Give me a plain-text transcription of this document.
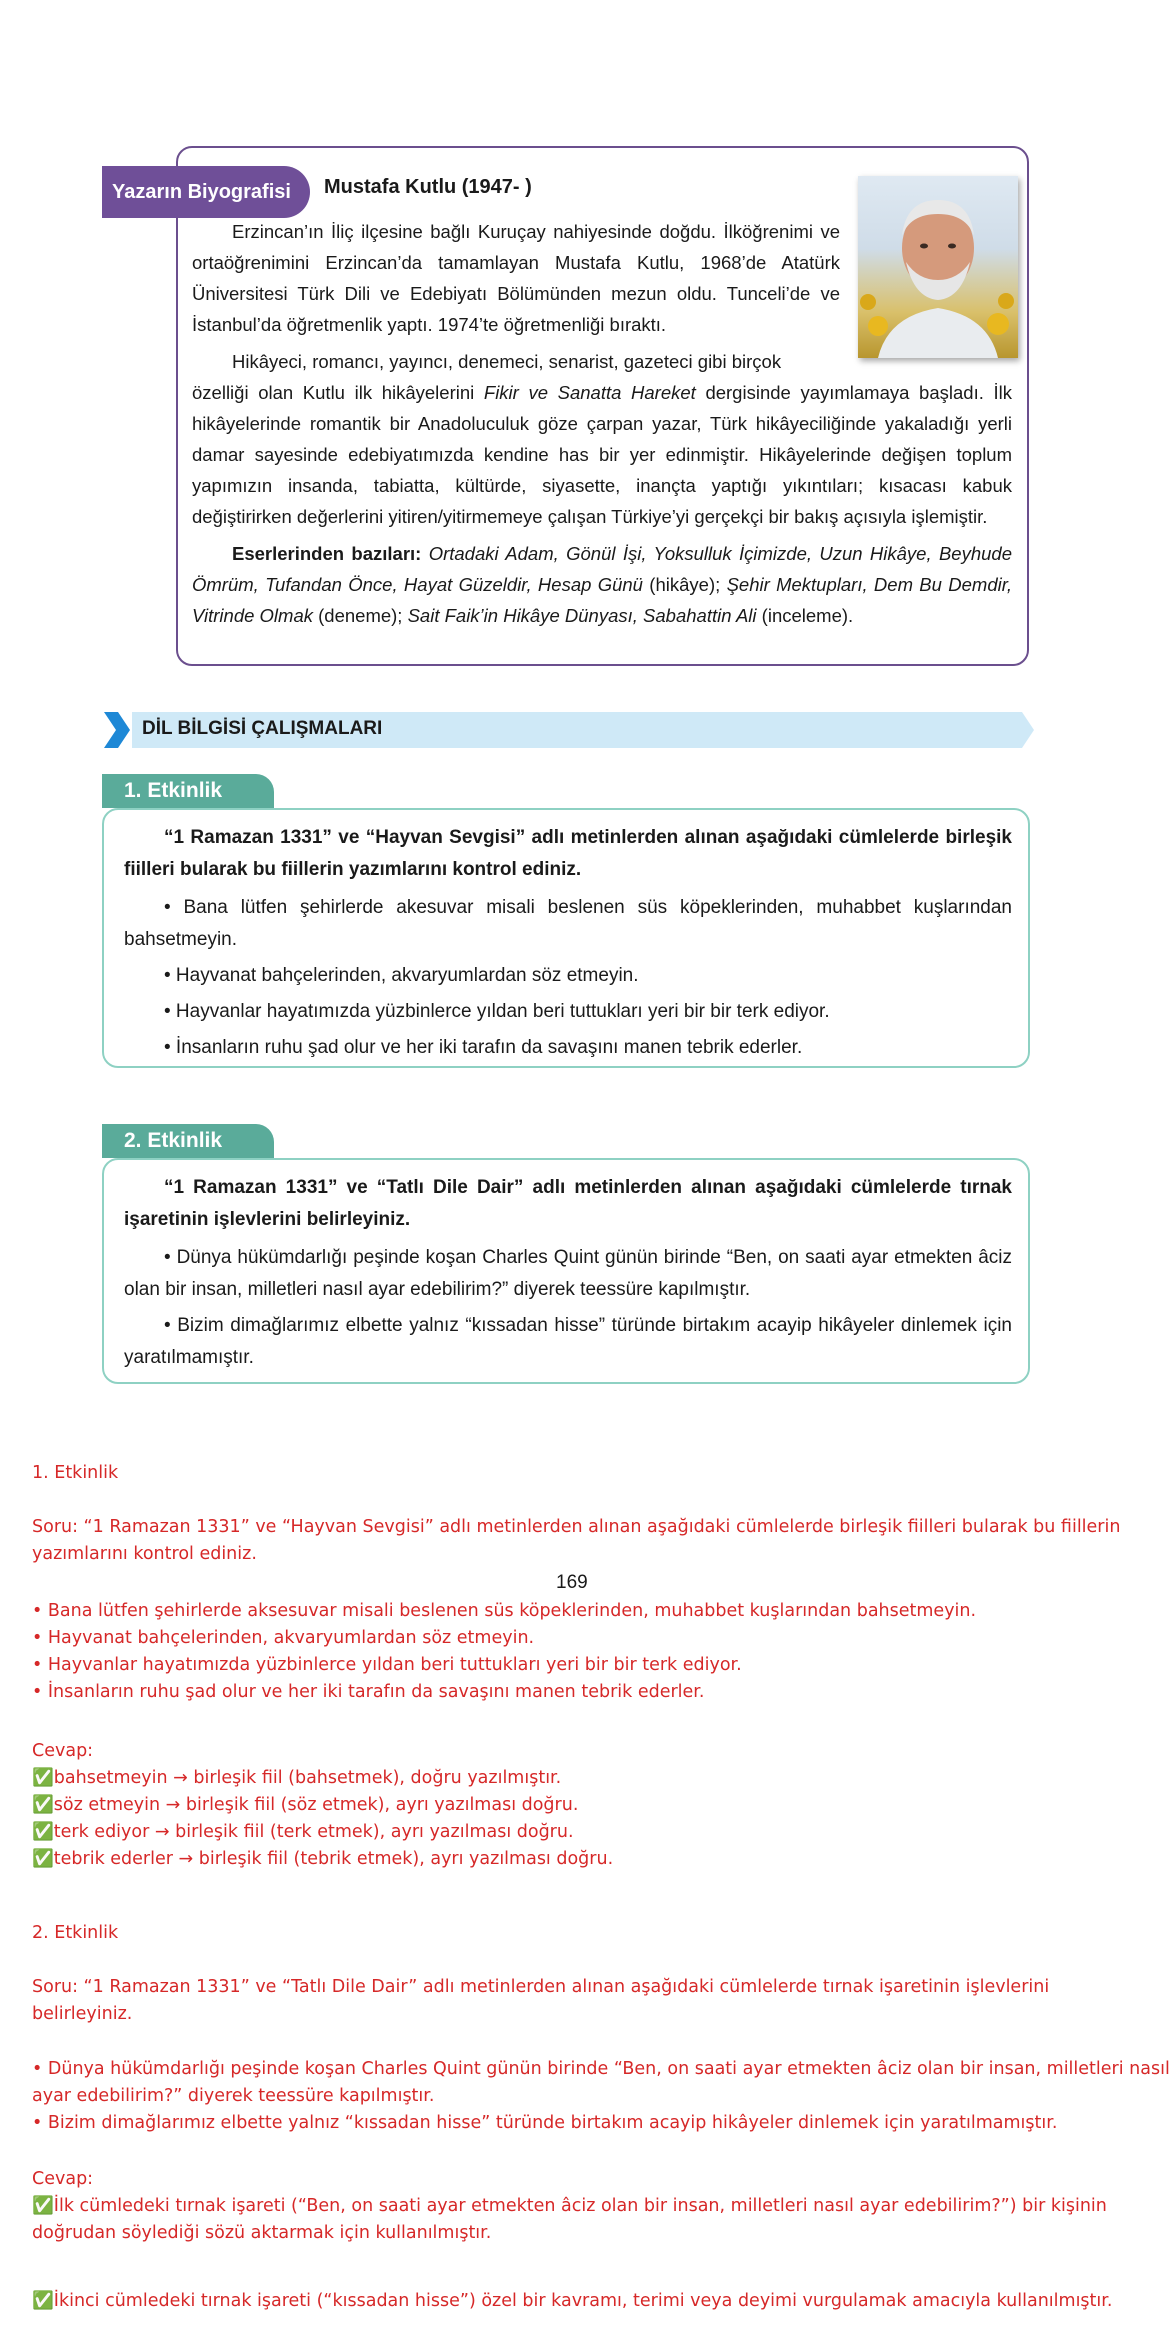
Yazarın Biyografisi	Mustafa Kutlu (1947- )

Erzincan’ın İliç ilçesine bağlı Kuruçay nahiyesinde doğdu. İlköğrenimi ve ortaöğrenimini Erzincan’da tamamlayan Mustafa Kutlu, 1968’de Atatürk Üniversitesi Türk Dili ve Edebiyatı Bölümünden mezun oldu. Tunceli’de ve İstanbul’da öğretmenlik yaptı. 1974’te öğretmenliği bıraktı.

Hikâyeci, romancı, yayıncı, denemeci, senarist, gazeteci gibi birçok

özelliği olan Kutlu ilk hikâyelerini Fikir ve Sanatta Hareket dergisinde yayımlamaya başladı. İlk hikâyelerinde romantik bir Anadoluculuk göze çarpan yazar, Türk hikâyeciliğinde yakaladığı yerli damar sayesinde edebiyatımızda kendine has bir yer edinmiştir. Hikâyelerinde değişen toplum yapımızın insanda, tabiatta, kültürde, siyasette, inançta yaptığı yıkıntıları; kısacası kabuk değiştirirken değerlerini yitiren/yitirmemeye çalışan Türkiye’yi gerçekçi bir bakış açısıyla işlemiştir.

Eserlerinden bazıları: Ortadaki Adam, Gönül İşi, Yoksulluk İçimizde, Uzun Hikâye, Beyhude Ömrüm, Tufandan Önce, Hayat Güzeldir, Hesap Günü (hikâye); Şehir Mektupları, Dem Bu Demdir, Vitrinde Olmak (deneme); Sait Faik’in Hikâye Dünyası, Sabahattin Ali (inceleme).

DİL BİLGİSİ ÇALIŞMALARI
1. Etkinlik

“1 Ramazan 1331” ve “Hayvan Sevgisi” adlı metinlerden alınan aşağıdaki cümlelerde birleşik fiilleri bularak bu fiillerin yazımlarını kontrol ediniz.

• Bana lütfen şehirlerde akesuvar misali beslenen süs köpeklerinden, muhabbet kuşlarından bahsetmeyin.

• Hayvanat bahçelerinden, akvaryumlardan söz etmeyin.

• Hayvanlar hayatımızda yüzbinlerce yıldan beri tuttukları yeri bir bir terk ediyor.

• İnsanların ruhu şad olur ve her iki tarafın da savaşını manen tebrik ederler.

2. Etkinlik

“1 Ramazan 1331” ve “Tatlı Dile Dair” adlı metinlerden alınan aşağıdaki cümlelerde tırnak işaretinin işlevlerini belirleyiniz.

• Dünya hükümdarlığı peşinde koşan Charles Quint günün birinde “Ben, on saati ayar etmekten âciz olan bir insan, milletleri nasıl ayar edebilirim?” diyerek teessüre kapılmıştır.

• Bizim dimağlarımız elbette yalnız “kıssadan hisse” türünde birtakım acayip hikâyeler dinlemek için yaratılmamıştır.

1. Etkinlik
Soru: “1 Ramazan 1331” ve “Hayvan Sevgisi” adlı metinlerden alınan aşağıdaki cümlelerde birleşik fiilleri bularak bu fiillerin yazımlarını kontrol ediniz.
169

• Bana lütfen şehirlerde aksesuvar misali beslenen süs köpeklerinden, muhabbet kuşlarından bahsetmeyin.

• Hayvanat bahçelerinden, akvaryumlardan söz etmeyin.

• Hayvanlar hayatımızda yüzbinlerce yıldan beri tuttukları yeri bir bir terk ediyor.

• İnsanların ruhu şad olur ve her iki tarafın da savaşını manen tebrik ederler.

Cevap:

✅bahsetmeyin → birleşik fiil (bahsetmek), doğru yazılmıştır.

✅söz etmeyin → birleşik fiil (söz etmek), ayrı yazılması doğru.

✅terk ediyor → birleşik fiil (terk etmek), ayrı yazılması doğru.

✅tebrik ederler → birleşik fiil (tebrik etmek), ayrı yazılması doğru.

2. Etkinlik
Soru: “1 Ramazan 1331” ve “Tatlı Dile Dair” adlı metinlerden alınan aşağıdaki cümlelerde tırnak işaretinin işlevlerini belirleyiniz.

• Dünya hükümdarlığı peşinde koşan Charles Quint günün birinde “Ben, on saati ayar etmekten âciz olan bir insan, milletleri nasıl ayar edebilirim?” diyerek teessüre kapılmıştır.

• Bizim dimağlarımız elbette yalnız “kıssadan hisse” türünde birtakım acayip hikâyeler dinlemek için yaratılmamıştır.

Cevap:

✅İlk cümledeki tırnak işareti (“Ben, on saati ayar etmekten âciz olan bir insan, milletleri nasıl ayar edebilirim?”) bir kişinin doğrudan söylediği sözü aktarmak için kullanılmıştır.

✅İkinci cümledeki tırnak işareti (“kıssadan hisse”) özel bir kavramı, terimi veya deyimi vurgulamak amacıyla kullanılmıştır.
